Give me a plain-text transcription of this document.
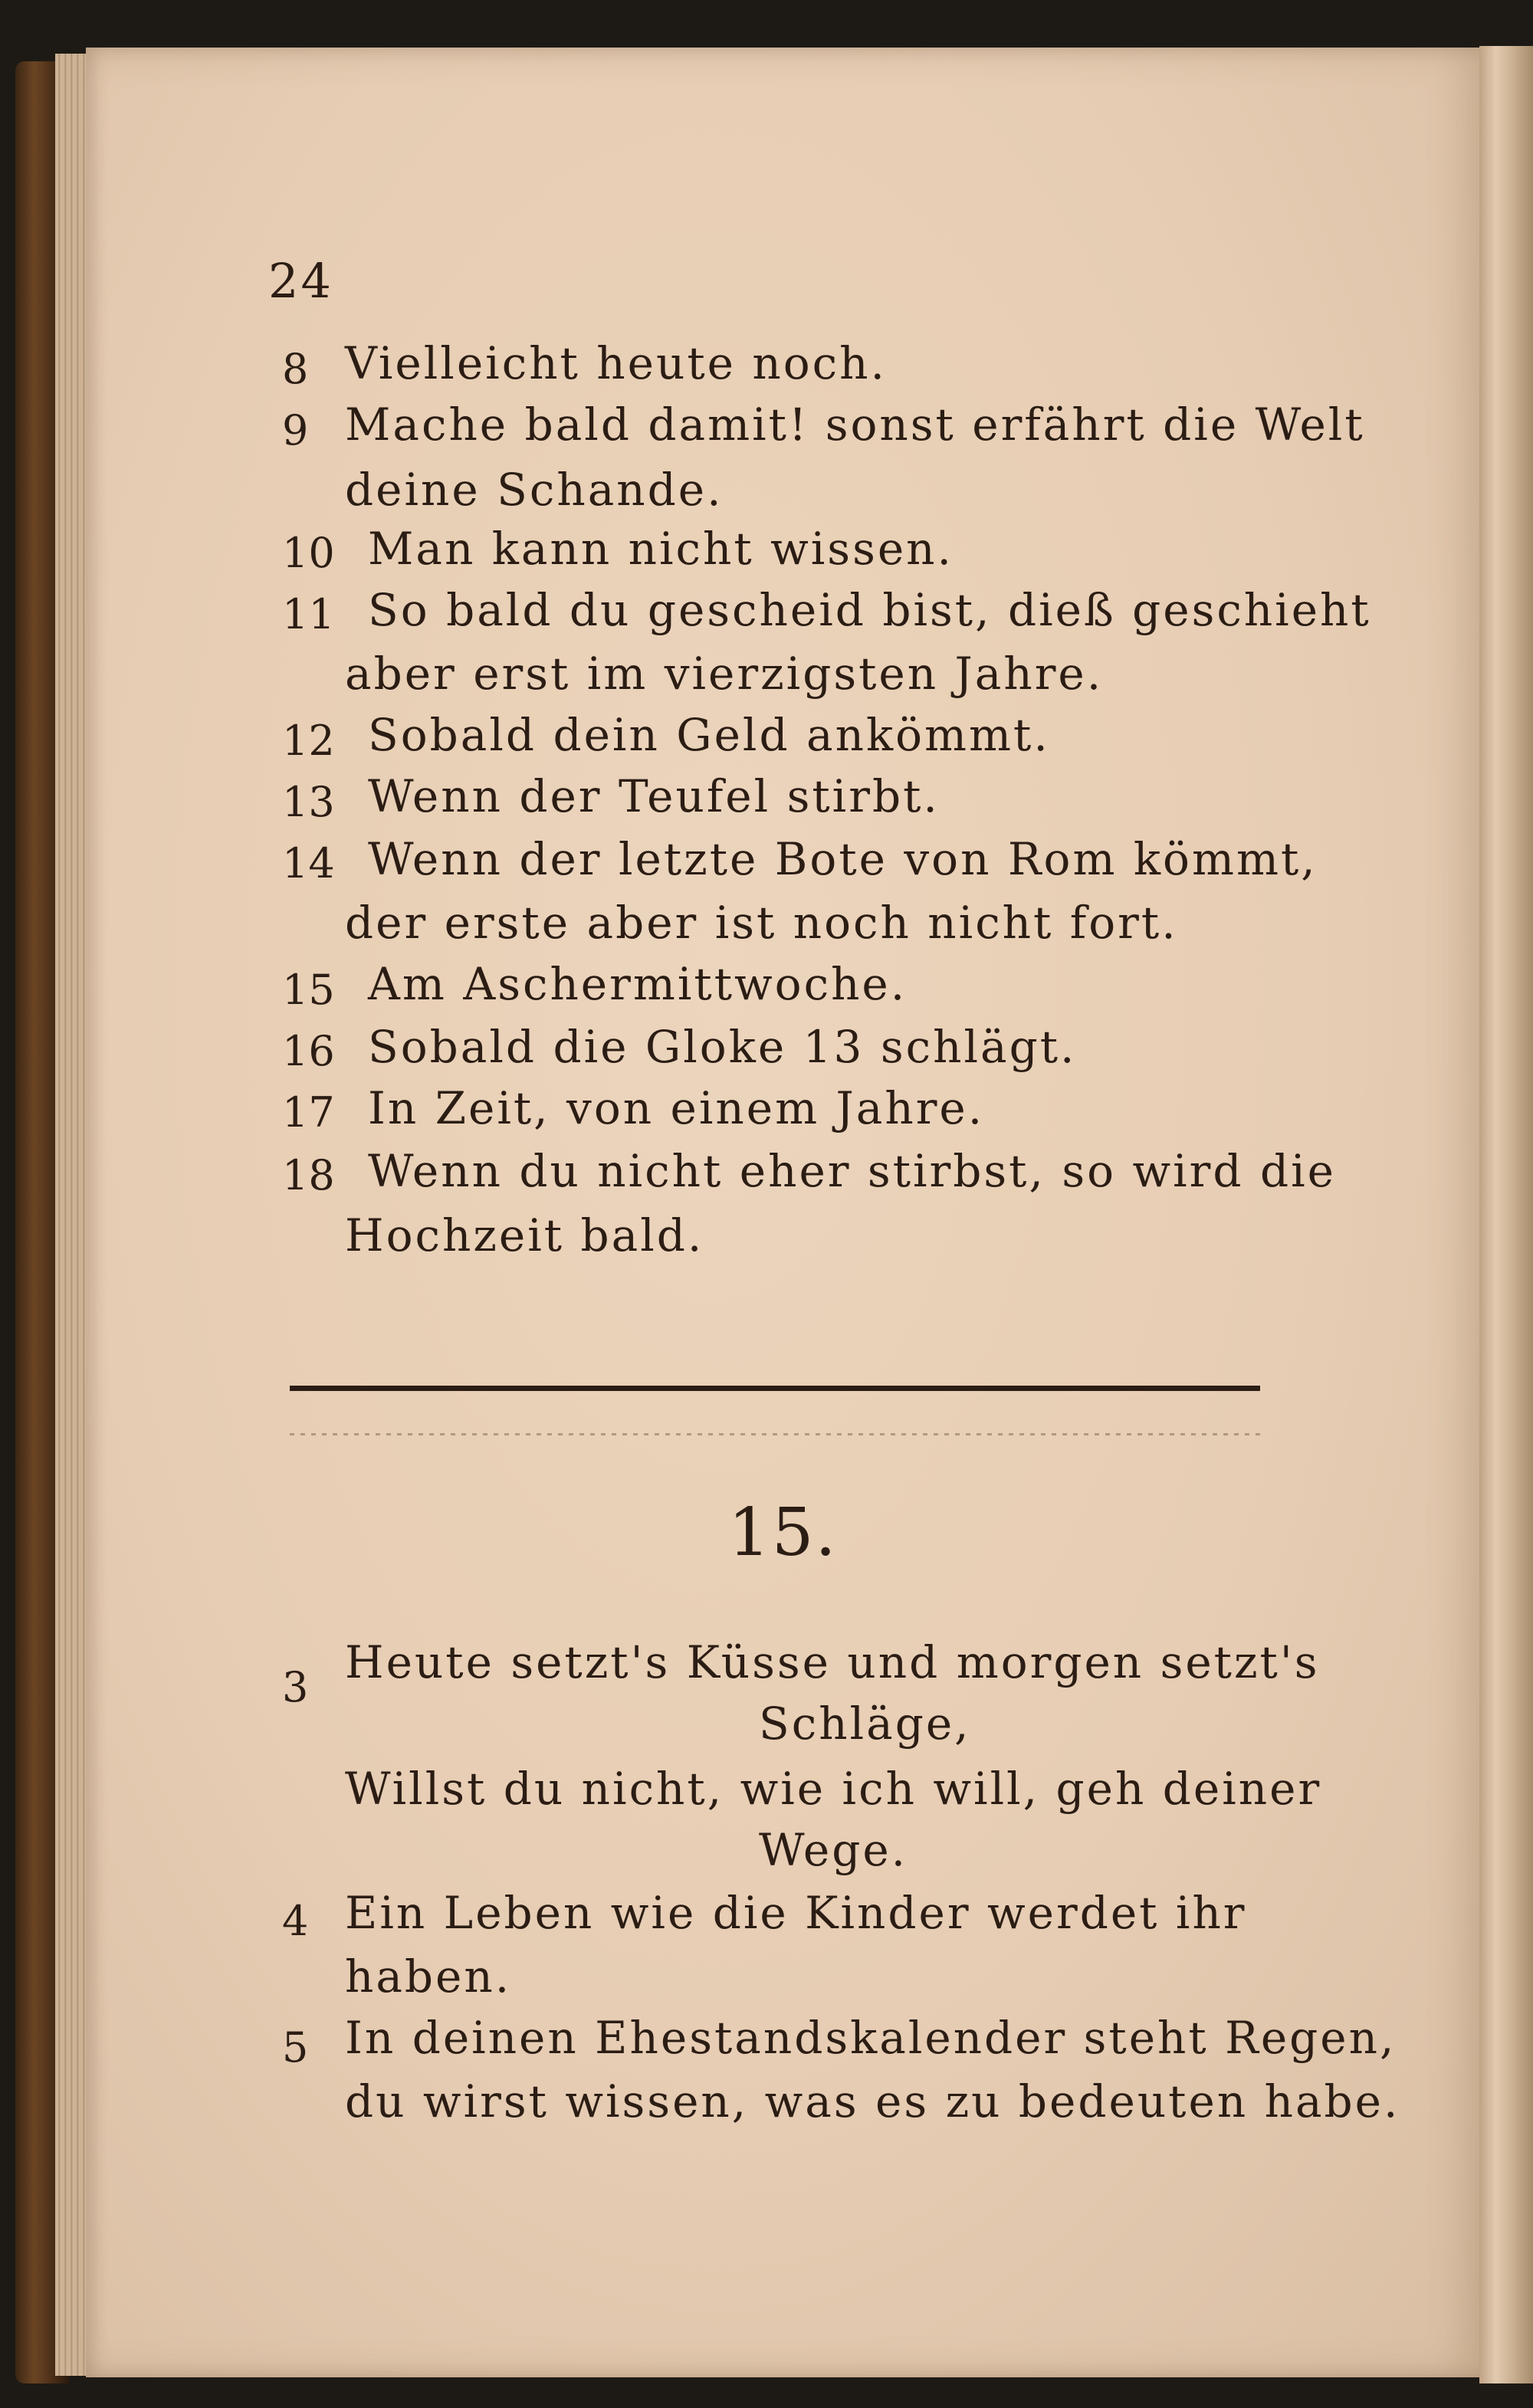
24
8 Vielleicht heute noch.
9 Mache bald damit! sonst erfährt die Welt
deine Schande.
10 Man kann nicht wissen.
11 So bald du gescheid bist, dieß geschieht
aber erst im vierzigsten Jahre.
12 Sobald dein Geld ankömmt.
13 Wenn der Teufel stirbt.
14 Wenn der letzte Bote von Rom kömmt,
der erste aber ist noch nicht fort.
15 Am Aschermittwoche.
16 Sobald die Gloke 13 schlägt.
17 In Zeit, von einem Jahre.
18 Wenn du nicht eher stirbst, so wird die
Hochzeit bald.
15.
3 Heute setzt's Küsse und morgen setzt's
Schläge,
Willst du nicht, wie ich will, geh deiner
Wege.
4 Ein Leben wie die Kinder werdet ihr
haben.
5 In deinen Ehestandskalender steht Regen,
du wirst wissen, was es zu bedeuten habe.
